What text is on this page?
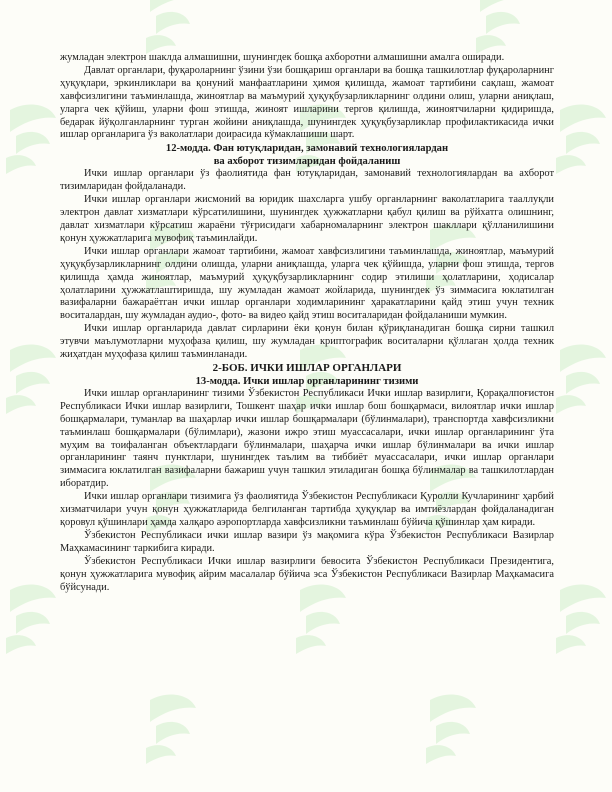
жумладан электрон шаклда алмашишни, шунингдек бошқа ахборотни алмашишни амалга оширади.

Давлат органлари, фуқароларнинг ўзини ўзи бошқариш органлари ва бошқа ташкилотлар фуқароларнинг ҳуқуқлари, эркинликлари ва қонуний манфаатларини ҳимоя қилишда, жамоат тартибини сақлаш, жамоат хавфсизлигини таъминлашда, жиноятлар ва маъмурий ҳуқуқбузарликларнинг олдини олиш, уларни аниқлаш, уларга чек қўйиш, уларни фош этишда, жиноят ишларини тергов қилишда, жиноятчиларни қидиришда, бедарак йўқолганларнинг турган жойини аниқлашда, шунингдек ҳуқуқбузарликлар профилактикасида ички ишлар органларига ўз ваколатлари доирасида кўмаклашиши шарт.

12-модда. Фан ютуқларидан, замонавий технологиялардан

ва ахборот тизимларидан фойдаланиш

Ички ишлар органлари ўз фаолиятида фан ютуқларидан, замонавий технологиялардан ва ахборот тизимларидан фойдаланади.

Ички ишлар органлари жисмоний ва юридик шахсларга ушбу органларнинг ваколатларига тааллуқли электрон давлат хизматлари кўрсатилишини, шунингдек ҳужжатларни қабул қилиш ва рўйхатга олишнинг, давлат хизматлари кўрсатиш жараёни тўғрисидаги хабарномаларнинг электрон шакллари қўлланилишини қонун ҳужжатларига мувофиқ таъминлайди.

Ички ишлар органлари жамоат тартибини, жамоат хавфсизлигини таъминлашда, жиноятлар, маъмурий ҳуқуқбузарликларнинг олдини олишда, уларни аниқлашда, уларга чек қўйишда, уларни фош этишда, тергов қилишда ҳамда жиноятлар, маъмурий ҳуқуқбузарликларнинг содир этилиши ҳолатларини, ҳодисалар ҳолатларини ҳужжатлаштиришда, шу жумладан жамоат жойларида, шунингдек ўз зиммасига юклатилган вазифаларни бажараётган ички ишлар органлари ходимларининг ҳаракатларини қайд этиш учун техник воситалардан, шу жумладан аудио-, фото- ва видео қайд этиш воситаларидан фойдаланиши мумкин.

Ички ишлар органларида давлат сирларини ёки қонун билан қўриқланадиган бошқа сирни ташкил этувчи маълумотларни муҳофаза қилиш, шу жумладан криптографик воситаларни қўллаган ҳолда техник жиҳатдан муҳофаза қилиш таъминланади.

2-БОБ. ИЧКИ ИШЛАР ОРГАНЛАРИ

13-модда. Ички ишлар органларининг тизими

Ички ишлар органларининг тизими Ўзбекистон Республикаси Ички ишлар вазирлиги, Қорақалпоғистон Республикаси Ички ишлар вазирлиги, Тошкент шаҳар ички ишлар бош бошқармаси, вилоятлар ички ишлар бошқармалари, туманлар ва шаҳарлар ички ишлар бошқармалари (бўлинмалари), транспортда хавфсизликни таъминлаш бошқармалари (бўлимлари), жазони ижро этиш муассасалари, ички ишлар органларининг ўта муҳим ва тоифаланган объектлардаги бўлинмалари, шаҳарча ички ишлар бўлинмалари ва ички ишлар органларининг таянч пунктлари, шунингдек таълим ва тиббиёт муассасалари, ички ишлар органлари зиммасига юклатилган вазифаларни бажариш учун ташкил этиладиган бошқа бўлинмалар ва ташкилотлардан иборатдир.

Ички ишлар органлари тизимига ўз фаолиятида Ўзбекистон Республикаси Қуролли Кучларининг ҳарбий хизматчилари учун қонун ҳужжатларида белгиланган тартибда ҳуқуқлар ва имтиёзлардан фойдаланадиган қоровул қўшинлари ҳамда халқаро аэропортларда хавфсизликни таъминлаш бўйича қўшинлар ҳам киради.

Ўзбекистон Республикаси ички ишлар вазири ўз мақомига кўра Ўзбекистон Республикаси Вазирлар Маҳкамасининг таркибига киради.

Ўзбекистон Республикаси Ички ишлар вазирлиги бевосита Ўзбекистон Республикаси Президентига, қонун ҳужжатларига мувофиқ айрим масалалар бўйича эса Ўзбекистон Республикаси Вазирлар Маҳкамасига бўйсунади.
